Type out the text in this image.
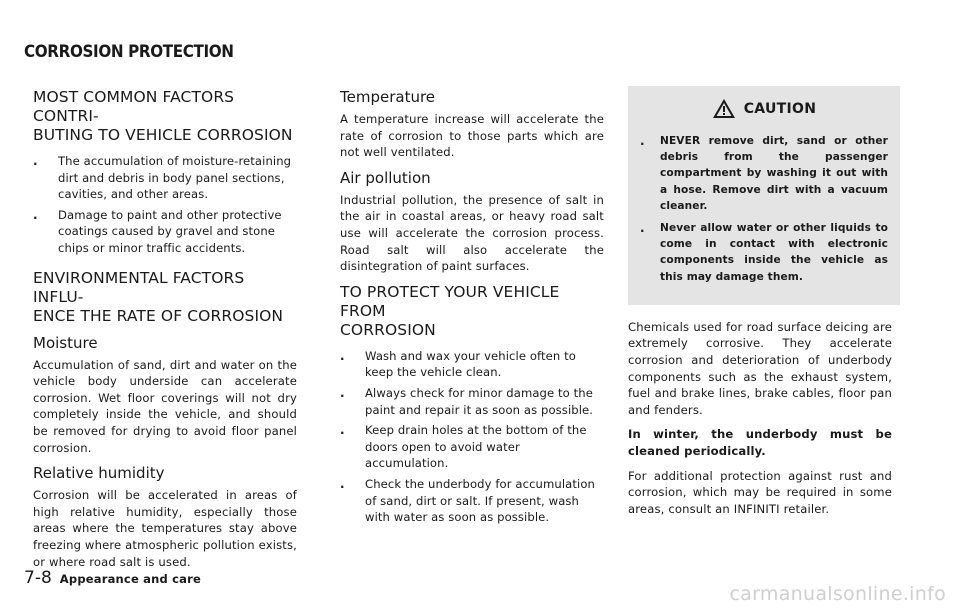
CORROSION PROTECTION
MOST COMMON FACTORS CONTRI-
BUTING TO VEHICLE CORROSION
. The accumulation of moisture-retaining dirt and debris in body panel sections, cavities, and other areas.
. Damage to paint and other protective coatings caused by gravel and stone chips or minor traffic accidents.
ENVIRONMENTAL FACTORS INFLU-
ENCE THE RATE OF CORROSION
Moisture

Accumulation of sand, dirt and water on the vehicle body underside can accelerate corrosion. Wet floor coverings will not dry completely inside the vehicle, and should be removed for drying to avoid floor panel corrosion.

Relative humidity

Corrosion will be accelerated in areas of high relative humidity, especially those areas where the temperatures stay above freezing where atmospheric pollution exists, or where road salt is used.

Temperature

A temperature increase will accelerate the rate of corrosion to those parts which are not well ventilated.

Air pollution

Industrial pollution, the presence of salt in the air in coastal areas, or heavy road salt use will accelerate the corrosion process. Road salt will also accelerate the disintegration of paint surfaces.

TO PROTECT YOUR VEHICLE FROM
CORROSION
. Wash and wax your vehicle often to keep the vehicle clean.
. Always check for minor damage to the paint and repair it as soon as possible.
. Keep drain holes at the bottom of the doors open to avoid water accumulation.
. Check the underbody for accumulation of sand, dirt or salt. If present, wash with water as soon as possible.
CAUTION
. NEVER remove dirt, sand or other debris from the passenger compartment by washing it out with a hose. Remove dirt with a vacuum cleaner.
. Never allow water or other liquids to come in contact with electronic components inside the vehicle as this may damage them.

Chemicals used for road surface deicing are extremely corrosive. They accelerate corrosion and deterioration of underbody components such as the exhaust system, fuel and brake lines, brake cables, floor pan and fenders.

In winter, the underbody must be cleaned periodically.

For additional protection against rust and corrosion, which may be required in some areas, consult an INFINITI retailer.

7-8 Appearance and care
carmanualsonline.info
